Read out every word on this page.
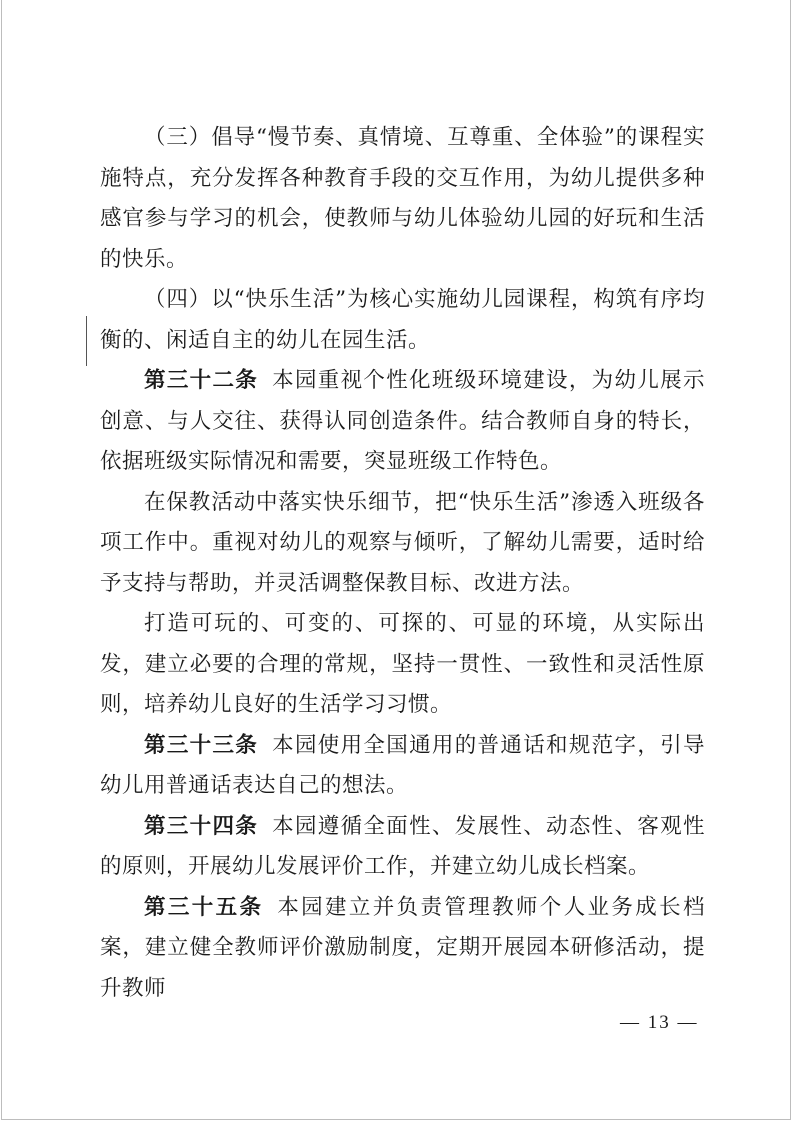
（三）倡导“慢节奏、真情境、互尊重、全体验”的课程实施特点，充分发挥各种教育手段的交互作用，为幼儿提供多种感官参与学习的机会，使教师与幼儿体验幼儿园的好玩和生活的快乐。

（四）以“快乐生活”为核心实施幼儿园课程，构筑有序均衡的、闲适自主的幼儿在园生活。

第三十二条 本园重视个性化班级环境建设，为幼儿展示创意、与人交往、获得认同创造条件。结合教师自身的特长，依据班级实际情况和需要，突显班级工作特色。

在保教活动中落实快乐细节，把“快乐生活”渗透入班级各项工作中。重视对幼儿的观察与倾听，了解幼儿需要，适时给予支持与帮助，并灵活调整保教目标、改进方法。

打造可玩的、可变的、可探的、可显的环境，从实际出发，建立必要的合理的常规，坚持一贯性、一致性和灵活性原则，培养幼儿良好的生活学习习惯。

第三十三条 本园使用全国通用的普通话和规范字，引导幼儿用普通话表达自己的想法。

第三十四条 本园遵循全面性、发展性、动态性、客观性的原则，开展幼儿发展评价工作，并建立幼儿成长档案。

第三十五条 本园建立并负责管理教师个人业务成长档案，建立健全教师评价激励制度，定期开展园本研修活动，提升教师

— 13 —
